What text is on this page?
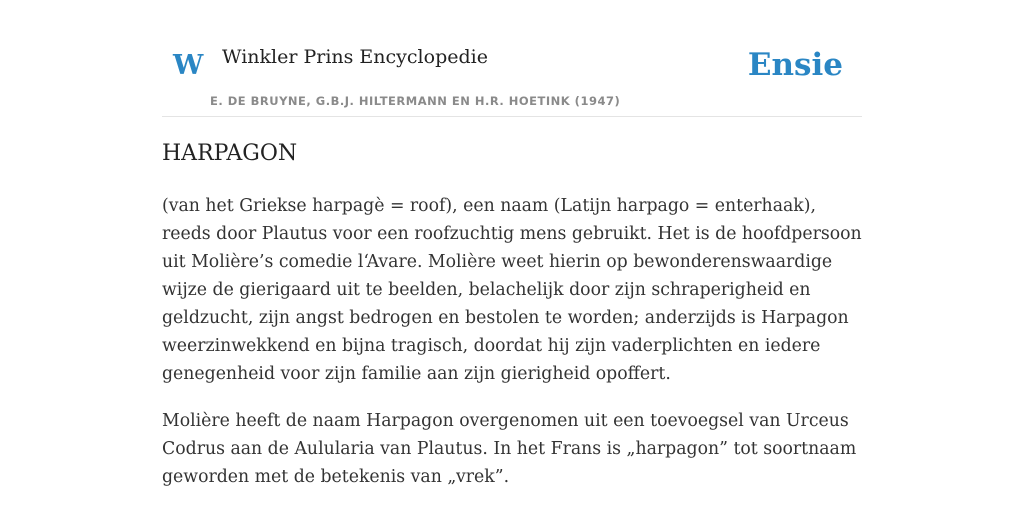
W Winkler Prins Encyclopedie
E. DE BRUYNE, G.B.J. HILTERMANN EN H.R. HOETINK (1947)
Ensie
HARPAGON

(van het Griekse harpagè = roof), een naam (Latijn harpago = enterhaak), reeds door Plautus voor een roofzuchtig mens gebruikt. Het is de hoofdpersoon uit Molière’s comedie l‘Avare. Molière weet hierin op bewonderenswaardige wijze de gierigaard uit te beelden, belachelijk door zijn schraperigheid en geldzucht, zijn angst bedrogen en bestolen te worden; anderzijds is Harpagon weerzinwekkend en bijna tragisch, doordat hij zijn vaderplichten en iedere genegenheid voor zijn familie aan zijn gierigheid opoffert.

Molière heeft de naam Harpagon overgenomen uit een toevoegsel van Urceus Codrus aan de Aulularia van Plautus. In het Frans is „harpagon” tot soortnaam geworden met de betekenis van „vrek”.
